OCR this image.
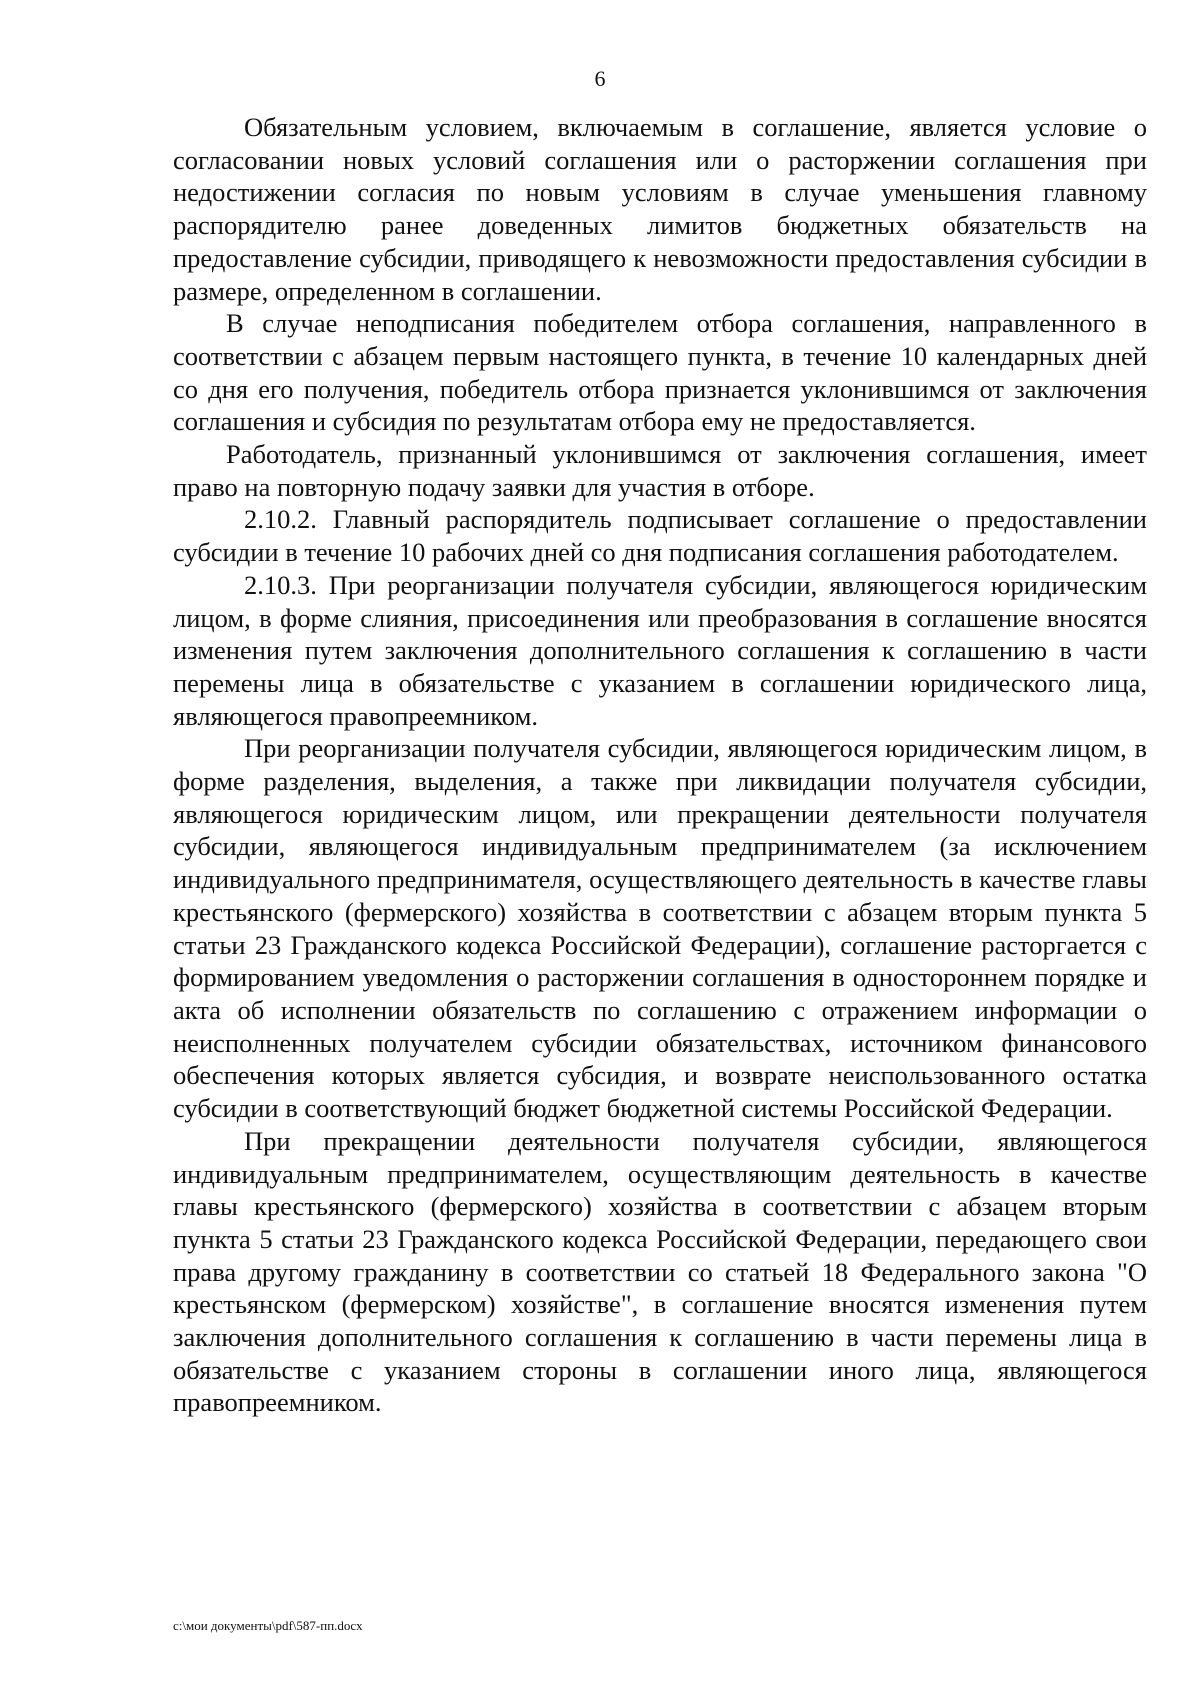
6

Обязательным условием, включаемым в соглашение, является условие о согласовании новых условий соглашения или о расторжении соглашения при недостижении согласия по новым условиям в случае уменьшения главному распорядителю ранее доведенных лимитов бюджетных обязательств на предоставление субсидии, приводящего к невозможности предоставления субсидии в размере, определенном в соглашении.

В случае неподписания победителем отбора соглашения, направленного в соответствии с абзацем первым настоящего пункта, в течение 10 календарных дней со дня его получения, победитель отбора признается уклонившимся от заключения соглашения и субсидия по результатам отбора ему не предоставляется.

Работодатель, признанный уклонившимся от заключения соглашения, имеет право на повторную подачу заявки для участия в отборе.

2.10.2. Главный распорядитель подписывает соглашение о предоставлении субсидии в течение 10 рабочих дней со дня подписания соглашения работодателем.

2.10.3. При реорганизации получателя субсидии, являющегося юридическим лицом, в форме слияния, присоединения или преобразования в соглашение вносятся изменения путем заключения дополнительного соглашения к соглашению в части перемены лица в обязательстве с указанием в соглашении юридического лица, являющегося правопреемником.

При реорганизации получателя субсидии, являющегося юридическим лицом, в форме разделения, выделения, а также при ликвидации получателя субсидии, являющегося юридическим лицом, или прекращении деятельности получателя субсидии, являющегося индивидуальным предпринимателем (за исключением индивидуального предпринимателя, осуществляющего деятельность в качестве главы крестьянского (фермерского) хозяйства в соответствии с абзацем вторым пункта 5 статьи 23 Гражданского кодекса Российской Федерации), соглашение расторгается с формированием уведомления о расторжении соглашения в одностороннем порядке и акта об исполнении обязательств по соглашению с отражением информации о неисполненных получателем субсидии обязательствах, источником финансового обеспечения которых является субсидия, и возврате неиспользованного остатка субсидии в соответствующий бюджет бюджетной системы Российской Федерации.

При прекращении деятельности получателя субсидии, являющегося индивидуальным предпринимателем, осуществляющим деятельность в качестве главы крестьянского (фермерского) хозяйства в соответствии с абзацем вторым пункта 5 статьи 23 Гражданского кодекса Российской Федерации, передающего свои права другому гражданину в соответствии со статьей 18 Федерального закона "О крестьянском (фермерском) хозяйстве", в соглашение вносятся изменения путем заключения дополнительного соглашения к соглашению в части перемены лица в обязательстве с указанием стороны в соглашении иного лица, являющегося правопреемником.

c:\мои документы\pdf\587-пп.docx
